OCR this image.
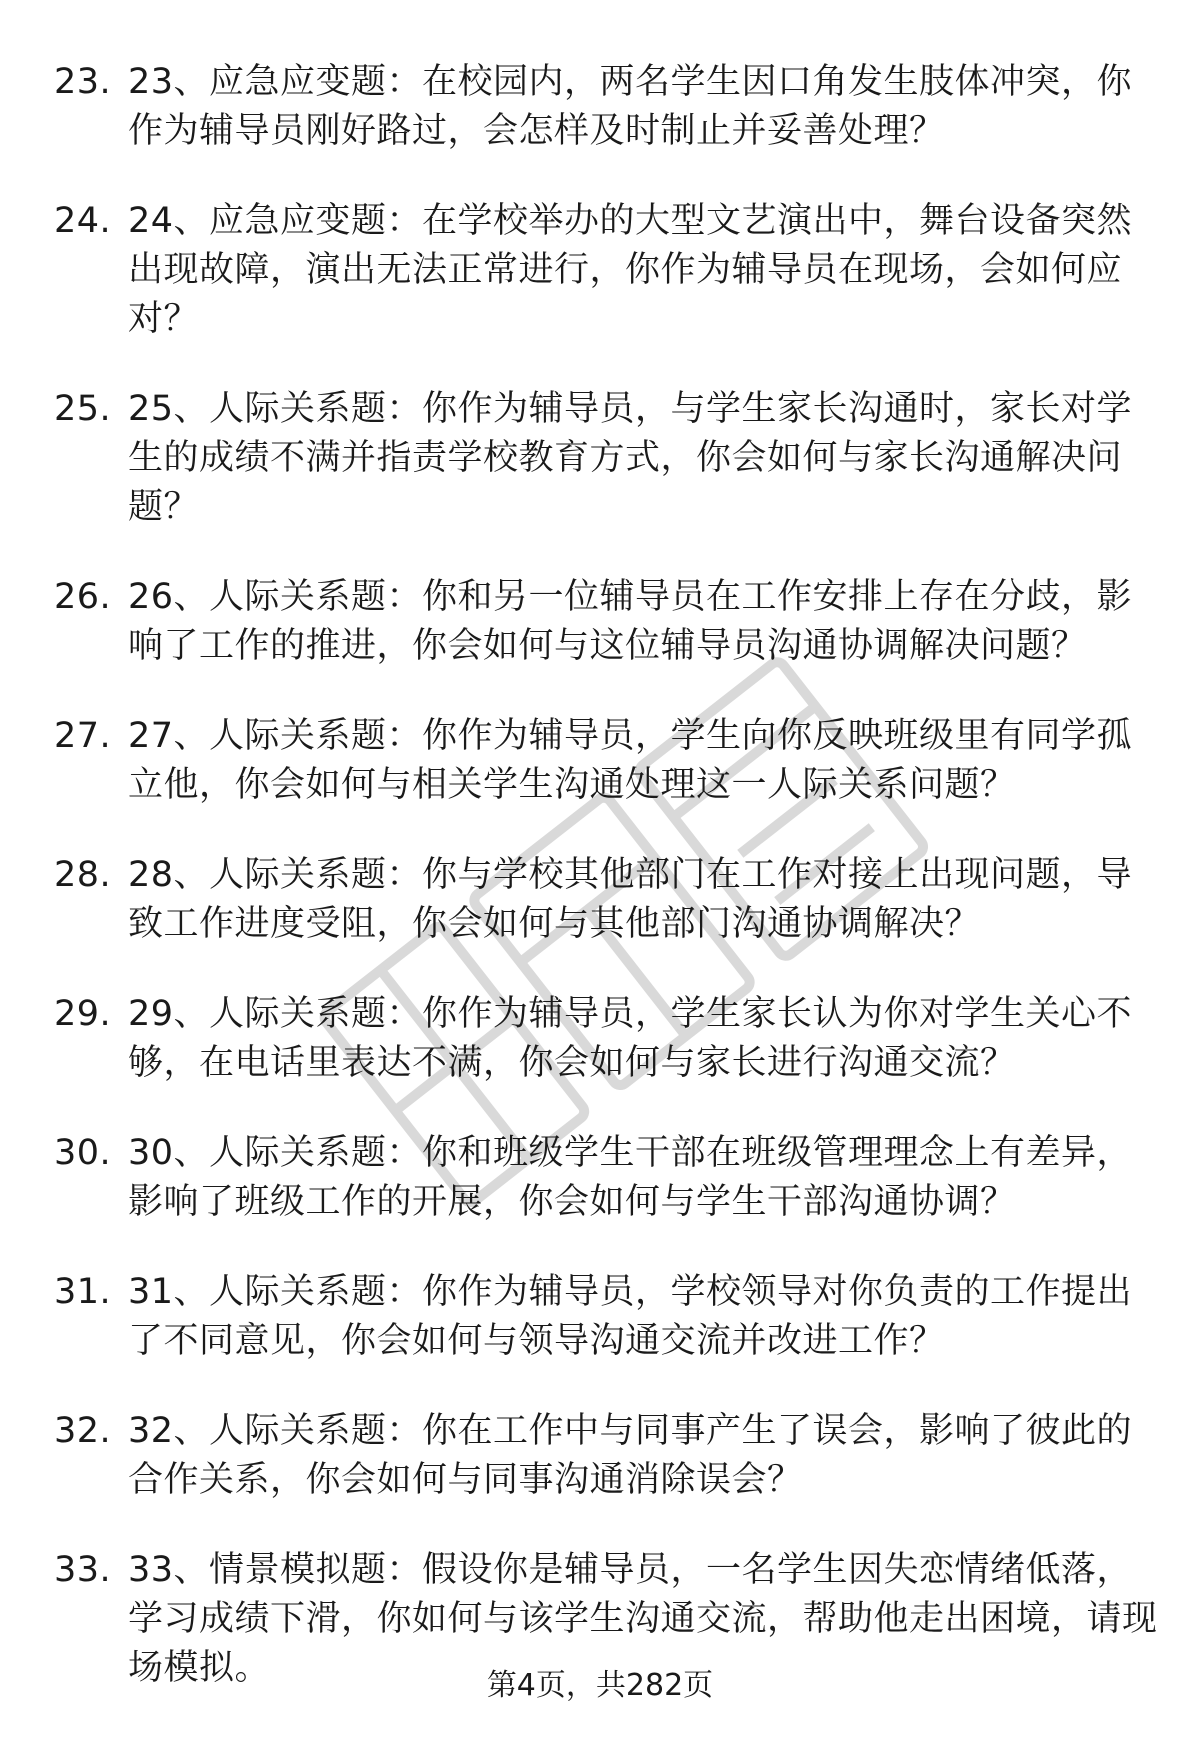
23. 23、应急应变题：在校园内，两名学生因口角发生肢体冲突，你作为辅导员刚好路过，会怎样及时制止并妥善处理？
24. 24、应急应变题：在学校举办的大型文艺演出中，舞台设备突然出现故障，演出无法正常进行，你作为辅导员在现场，会如何应对？
25. 25、人际关系题：你作为辅导员，与学生家长沟通时，家长对学生的成绩不满并指责学校教育方式，你会如何与家长沟通解决问题？
26. 26、人际关系题：你和另一位辅导员在工作安排上存在分歧，影响了工作的推进，你会如何与这位辅导员沟通协调解决问题？
27. 27、人际关系题：你作为辅导员，学生向你反映班级里有同学孤立他，你会如何与相关学生沟通处理这一人际关系问题？
28. 28、人际关系题：你与学校其他部门在工作对接上出现问题，导致工作进度受阻，你会如何与其他部门沟通协调解决？
29. 29、人际关系题：你作为辅导员，学生家长认为你对学生关心不够，在电话里表达不满，你会如何与家长进行沟通交流？
30. 30、人际关系题：你和班级学生干部在班级管理理念上有差异，影响了班级工作的开展，你会如何与学生干部沟通协调？
31. 31、人际关系题：你作为辅导员，学校领导对你负责的工作提出了不同意见，你会如何与领导沟通交流并改进工作？
32. 32、人际关系题：你在工作中与同事产生了误会，影响了彼此的合作关系，你会如何与同事沟通消除误会？
33. 33、情景模拟题：假设你是辅导员，一名学生因失恋情绪低落，学习成绩下滑，你如何与该学生沟通交流，帮助他走出困境，请现场模拟。	第4页，共282页
